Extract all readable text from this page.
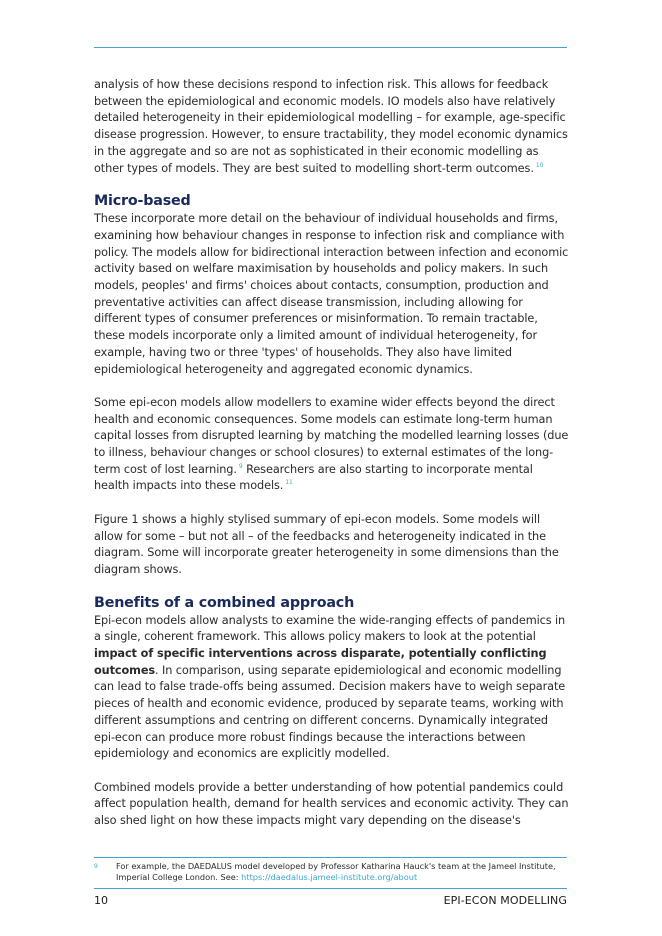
analysis of how these decisions respond to infection risk. This allows for feedback between the epidemiological and economic models. IO models also have relatively detailed heterogeneity in their epidemiological modelling – for example, age-specific disease progression. However, to ensure tractability, they model economic dynamics in the aggregate and so are not as sophisticated in their economic modelling as other types of models. They are best suited to modelling short-term outcomes. $^{10}$

Micro-based

These incorporate more detail on the behaviour of individual households and firms, examining how behaviour changes in response to infection risk and compliance with policy. The models allow for bidirectional interaction between infection and economic activity based on welfare maximisation by households and policy makers. In such models, peoples' and firms' choices about contacts, consumption, production and preventative activities can affect disease transmission, including allowing for different types of consumer preferences or misinformation. To remain tractable, these models incorporate only a limited amount of individual heterogeneity, for example, having two or three 'types' of households. They also have limited epidemiological heterogeneity and aggregated economic dynamics.

Some epi-econ models allow modellers to examine wider effects beyond the direct health and economic consequences. Some models can estimate long-term human capital losses from disrupted learning by matching the modelled learning losses (due to illness, behaviour changes or school closures) to external estimates of the long-term cost of lost learning. $^9$ Researchers are also starting to incorporate mental health impacts into these models. $^{11}$

Figure 1 shows a highly stylised summary of epi-econ models. Some models will allow for some – but not all – of the feedbacks and heterogeneity indicated in the diagram. Some will incorporate greater heterogeneity in some dimensions than the diagram shows.

Benefits of a combined approach

Epi-econ models allow analysts to examine the wide-ranging effects of pandemics in a single, coherent framework. This allows policy makers to look at the potential impact of specific interventions across disparate, potentially conflicting outcomes. In comparison, using separate epidemiological and economic modelling can lead to false trade-offs being assumed. Decision makers have to weigh separate pieces of health and economic evidence, produced by separate teams, working with different assumptions and centring on different concerns. Dynamically integrated epi-econ can produce more robust findings because the interactions between epidemiology and economics are explicitly modelled.

Combined models provide a better understanding of how potential pandemics could affect population health, demand for health services and economic activity. They can also shed light on how these impacts might vary depending on the disease's

9 For example, the DAEDALUS model developed by Professor Katharina Hauck's team at the Jameel Institute, Imperial College London. See: https://daedalus.jameel-institute.org/about
10	EPI-ECON MODELLING
